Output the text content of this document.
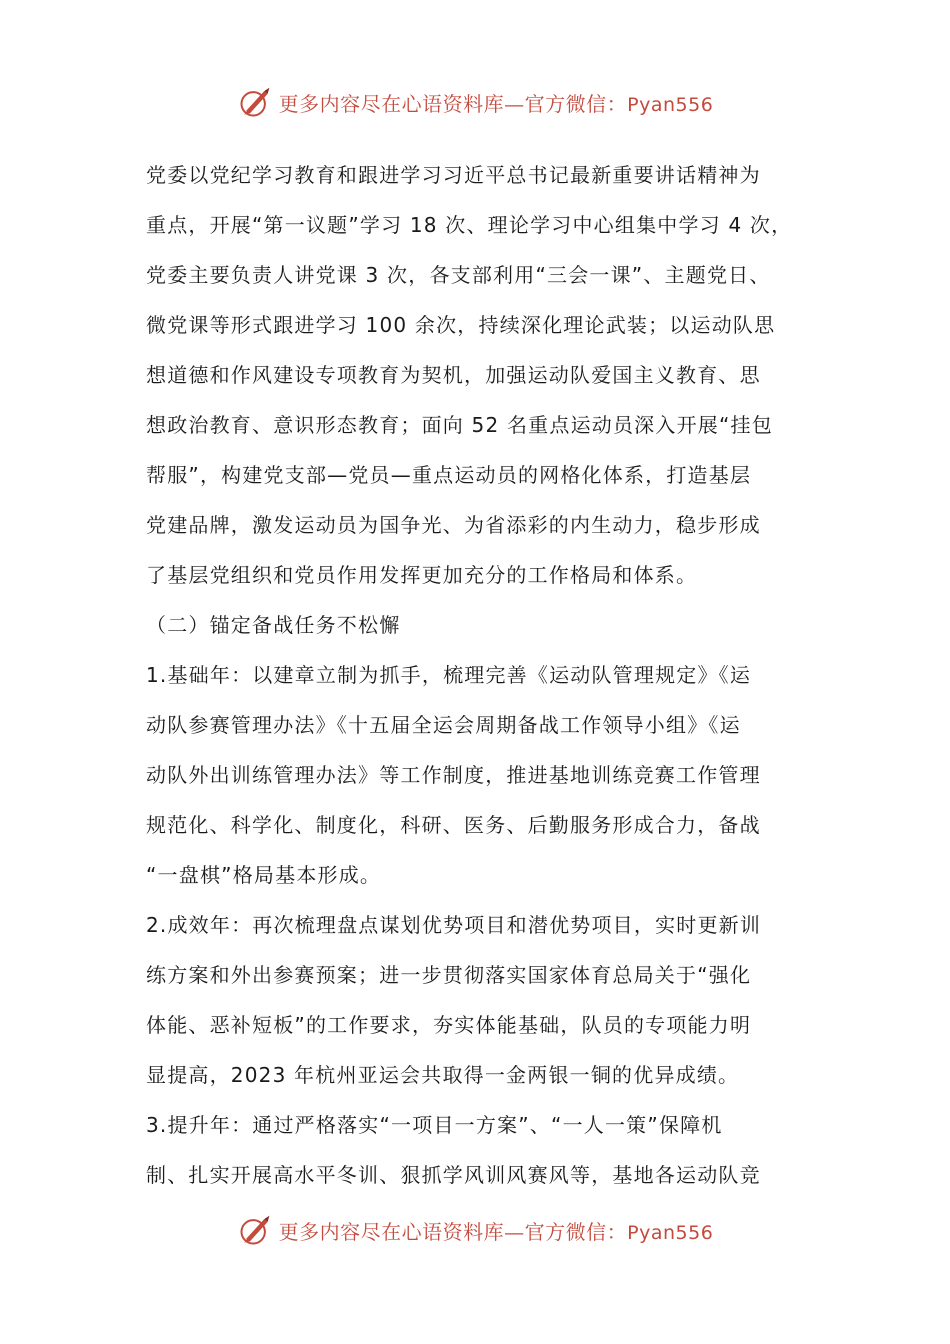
更多内容尽在心语资料库—官方微信：Pyan556
党委以党纪学习教育和跟进学习习近平总书记最新重要讲话精神为
重点，开展“第一议题”学习 18 次、理论学习中心组集中学习 4 次，
党委主要负责人讲党课 3 次，各支部利用“三会一课”、主题党日、
微党课等形式跟进学习 100 余次，持续深化理论武装；以运动队思
想道德和作风建设专项教育为契机，加强运动队爱国主义教育、思
想政治教育、意识形态教育；面向 52 名重点运动员深入开展“挂包
帮服”，构建党支部—党员—重点运动员的网格化体系，打造基层
党建品牌，激发运动员为国争光、为省添彩的内生动力，稳步形成
了基层党组织和党员作用发挥更加充分的工作格局和体系。
（二）锚定备战任务不松懈
1.基础年：以建章立制为抓手，梳理完善《运动队管理规定》《运
动队参赛管理办法》《十五届全运会周期备战工作领导小组》《运
动队外出训练管理办法》等工作制度，推进基地训练竞赛工作管理
规范化、科学化、制度化，科研、医务、后勤服务形成合力，备战
“一盘棋”格局基本形成。
2.成效年：再次梳理盘点谋划优势项目和潜优势项目，实时更新训
练方案和外出参赛预案；进一步贯彻落实国家体育总局关于“强化
体能、恶补短板”的工作要求，夯实体能基础，队员的专项能力明
显提高，2023 年杭州亚运会共取得一金两银一铜的优异成绩。
3.提升年：通过严格落实“一项目一方案”、“一人一策”保障机
制、扎实开展高水平冬训、狠抓学风训风赛风等，基地各运动队竞
更多内容尽在心语资料库—官方微信：Pyan556
